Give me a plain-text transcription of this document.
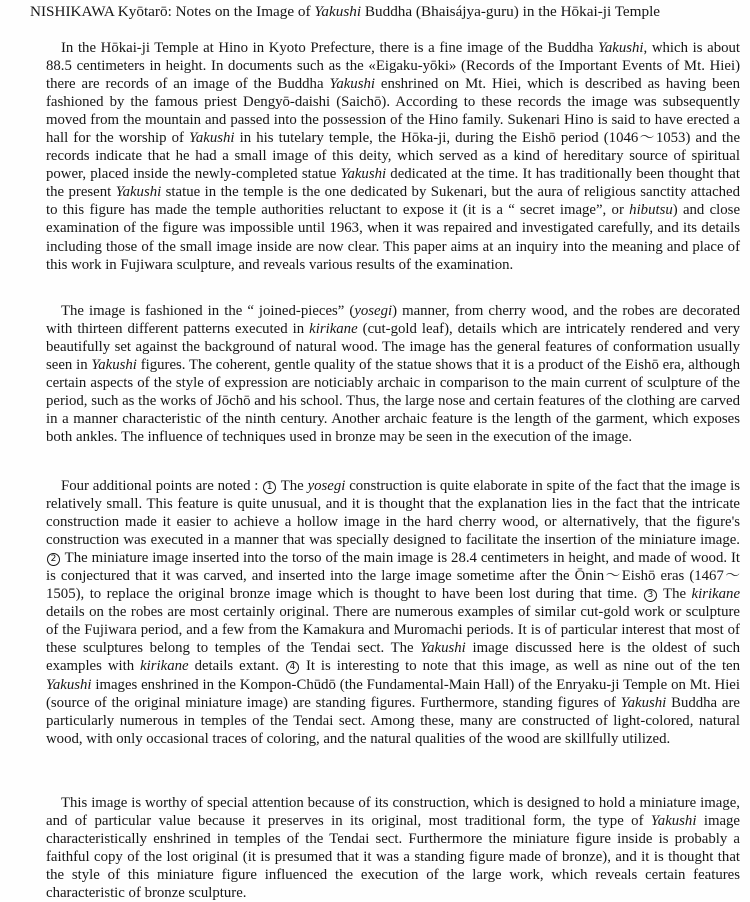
NISHIKAWA Kyōtarō: Notes on the Image of Yakushi Buddha (Bhaisájya-guru) in the Hōkai-ji Temple

In the Hōkai-ji Temple at Hino in Kyoto Prefecture, there is a fine image of the Buddha Yakushi, which is about 88.5 centimeters in height. In documents such as the «Eigaku-yōki» (Records of the Important Events of Mt. Hiei) there are records of an image of the Buddha Yakushi enshrined on Mt. Hiei, which is described as having been fashioned by the famous priest Dengyō-daishi (Saichō). According to these records the image was subsequently moved from the mountain and passed into the possession of the Hino family. Sukenari Hino is said to have erected a hall for the worship of Yakushi in his tutelary temple, the Hōka-ji, during the Eishō period (1046～1053) and the records indicate that he had a small image of this deity, which served as a kind of hereditary source of spiritual power, placed inside the newly-completed statue Yakushi dedicated at the time. It has traditionally been thought that the present Yakushi statue in the temple is the one dedicated by Sukenari, but the aura of religious sanctity attached to this figure has made the temple authorities reluctant to expose it (it is a “ secret image”, or hibutsu) and close examination of the figure was impossible until 1963, when it was repaired and investigated carefully, and its details including those of the small image inside are now clear. This paper aims at an inquiry into the meaning and place of this work in Fujiwara sculpture, and reveals various results of the examination.

The image is fashioned in the “ joined-pieces” (yosegi) manner, from cherry wood, and the robes are decorated with thirteen different patterns executed in kirikane (cut-gold leaf), details which are intricately rendered and very beautifully set against the background of natural wood. The image has the general features of conformation usually seen in Yakushi figures. The coherent, gentle quality of the statue shows that it is a product of the Eishō era, although certain aspects of the style of expression are noticiably archaic in comparison to the main current of sculpture of the period, such as the works of Jōchō and his school. Thus, the large nose and certain features of the clothing are carved in a manner characteristic of the ninth century. Another archaic feature is the length of the garment, which exposes both ankles. The influence of techniques used in bronze may be seen in the execution of the image.

Four additional points are noted : 1 The yosegi construction is quite elaborate in spite of the fact that the image is relatively small. This feature is quite unusual, and it is thought that the explanation lies in the fact that the intricate construction made it easier to achieve a hollow image in the hard cherry wood, or alternatively, that the figure's construction was executed in a manner that was specially designed to facilitate the insertion of the miniature image. 2 The miniature image inserted into the torso of the main image is 28.4 centimeters in height, and made of wood. It is conjectured that it was carved, and inserted into the large image sometime after the Ōnin～Eishō eras (1467～1505), to replace the original bronze image which is thought to have been lost during that time. 3 The kirikane details on the robes are most certainly original. There are numerous examples of similar cut-gold work or sculpture of the Fujiwara period, and a few from the Kamakura and Muromachi periods. It is of particular interest that most of these sculptures belong to temples of the Tendai sect. The Yakushi image discussed here is the oldest of such examples with kirikane details extant. 4 It is interesting to note that this image, as well as nine out of the ten Yakushi images enshrined in the Kompon-Chūdō (the Fundamental-Main Hall) of the Enryaku-ji Temple on Mt. Hiei (source of the original miniature image) are standing figures. Furthermore, standing figures of Yakushi Buddha are particularly numerous in temples of the Tendai sect. Among these, many are constructed of light-colored, natural wood, with only occasional traces of coloring, and the natural qualities of the wood are skillfully utilized.

This image is worthy of special attention because of its construction, which is designed to hold a miniature image, and of particular value because it preserves in its original, most traditional form, the type of Yakushi image characteristically enshrined in temples of the Tendai sect. Furthermore the miniature figure inside is probably a faithful copy of the lost original (it is presumed that it was a standing figure made of bronze), and it is thought that the style of this miniature figure influenced the execution of the large work, which reveals certain features characteristic of bronze sculpture.
